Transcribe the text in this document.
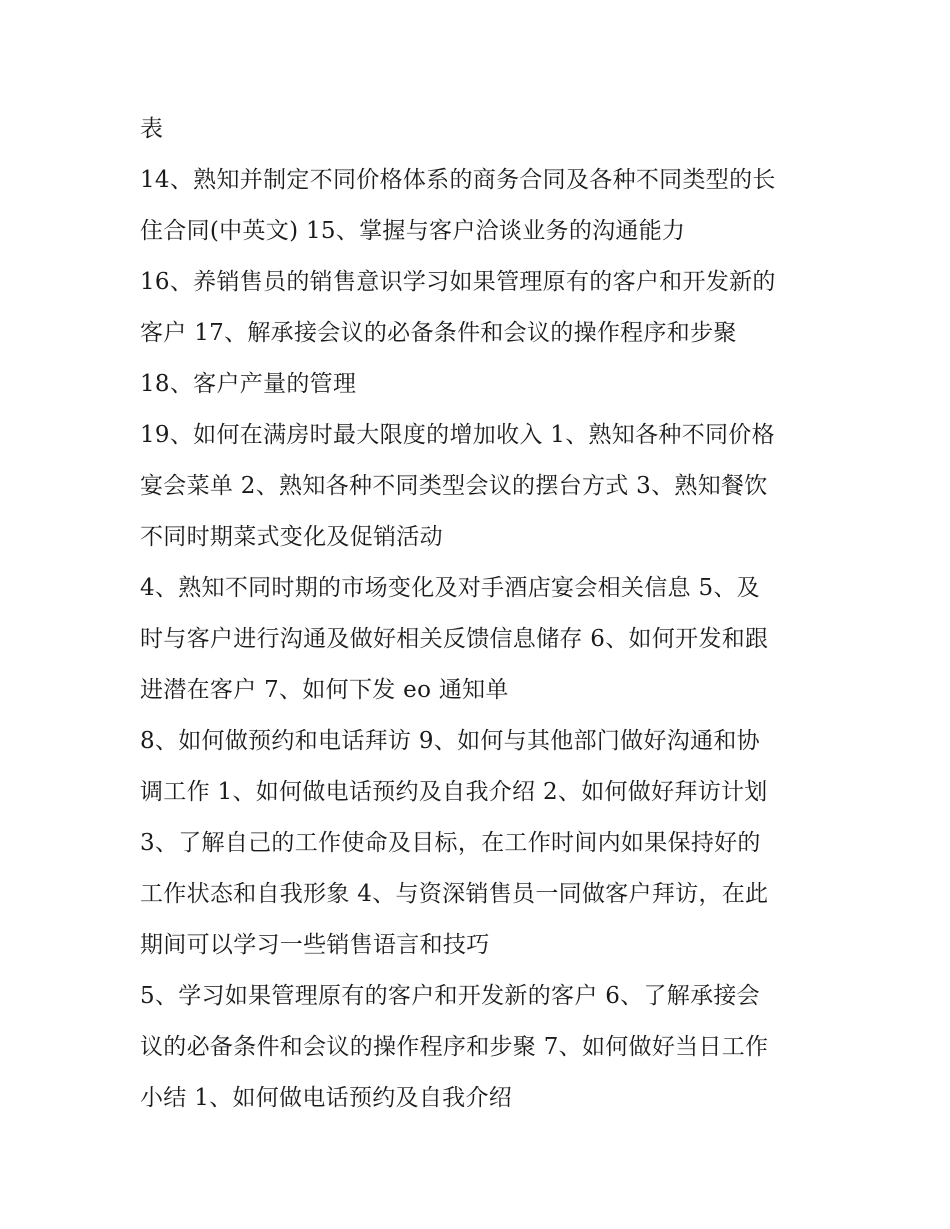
表
14、熟知并制定不同价格体系的商务合同及各种不同类型的长
住合同(中英文) 15、掌握与客户洽谈业务的沟通能力
16、养销售员的销售意识学习如果管理原有的客户和开发新的
客户 17、解承接会议的必备条件和会议的操作程序和步聚
18、客户产量的管理
19、如何在满房时最大限度的增加收入 1、熟知各种不同价格
宴会菜单 2、熟知各种不同类型会议的摆台方式 3、熟知餐饮
不同时期菜式变化及促销活动
4、熟知不同时期的市场变化及对手酒店宴会相关信息 5、及
时与客户进行沟通及做好相关反馈信息储存 6、如何开发和跟
进潜在客户 7、如何下发 eo 通知单
8、如何做预约和电话拜访 9、如何与其他部门做好沟通和协
调工作 1、如何做电话预约及自我介绍 2、如何做好拜访计划
3、了解自己的工作使命及目标，在工作时间内如果保持好的
工作状态和自我形象 4、与资深销售员一同做客户拜访，在此
期间可以学习一些销售语言和技巧
5、学习如果管理原有的客户和开发新的客户 6、了解承接会
议的必备条件和会议的操作程序和步聚 7、如何做好当日工作
小结 1、如何做电话预约及自我介绍
